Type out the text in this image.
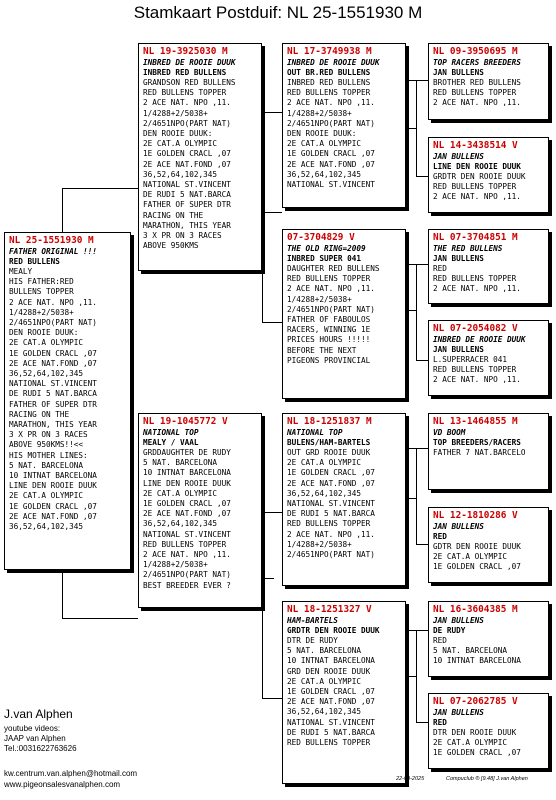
Stamkaart Postduif: NL 25-1551930 M
NL 25-1551930 M
FATHER ORIGINAL !!!
RED BULLENS
MEALY
HIS FATHER:RED
BULLENS TOPPER
2 ACE NAT. NPO ,11.
1/4288+2/5038+
2/4651NPO(PART NAT)
DEN ROOIE DUUK:
2E CAT.A OLYMPIC
1E GOLDEN CRACL ,07
2E ACE NAT.FOND ,07
36,52,64,102,345
NATIONAL ST.VINCENT
DE RUDI 5 NAT.BARCA
FATHER OF SUPER DTR
RACING ON THE
MARATHON, THIS YEAR
3 X PR ON 3 RACES
ABOVE 950KMS!!<<
HIS MOTHER LINES:
5 NAT. BARCELONA
10 INTNAT BARCELONA
LINE DEN ROOIE DUUK
2E CAT.A OLYMPIC
1E GOLDEN CRACL ,07
2E ACE NAT.FOND ,07
36,52,64,102,345
NL 19-3925030 M
INBRED DE ROOIE DUUK
INBRED RED BULLENS
GRANDSON RED BULLENS
RED BULLENS TOPPER
2 ACE NAT. NPO ,11.
1/4288+2/5038+
2/4651NPO(PART NAT)
DEN ROOIE DUUK:
2E CAT.A OLYMPIC
1E GOLDEN CRACL ,07
2E ACE NAT.FOND ,07
36,52,64,102,345
NATIONAL ST.VINCENT
DE RUDI 5 NAT.BARCA
FATHER OF SUPER DTR
RACING ON THE
MARATHON, THIS YEAR
3 X PR ON 3 RACES
ABOVE 950KMS
NL 19-1045772 V
NATIONAL TOP
MEALY / VAAL
GRDDAUGHTER DE RUDY
5 NAT. BARCELONA
10 INTNAT BARCELONA
LINE DEN ROOIE DUUK
2E CAT.A OLYMPIC
1E GOLDEN CRACL ,07
2E ACE NAT.FOND ,07
36,52,64,102,345
NATIONAL ST.VINCENT
RED BULLENS TOPPER
2 ACE NAT. NPO ,11.
1/4288+2/5038+
2/4651NPO(PART NAT)
BEST BREEDER EVER ?
NL 17-3749938 M
INBRED DE ROOIE DUUK
OUT BR.RED BULLENS
INBRED RED BULLENS
RED BULLENS TOPPER
2 ACE NAT. NPO ,11.
1/4288+2/5038+
2/4651NPO(PART NAT)
DEN ROOIE DUUK:
2E CAT.A OLYMPIC
1E GOLDEN CRACL ,07
2E ACE NAT.FOND ,07
36,52,64,102,345
NATIONAL ST.VINCENT
07-3704829 V
THE OLD RING=2009
INBRED SUPER 041
DAUGHTER RED BULLENS
RED BULLENS TOPPER
2 ACE NAT. NPO ,11.
1/4288+2/5038+
2/4651NPO(PART NAT)
FATHER OF FABOULOS
RACERS, WINNING 1E
PRICES HOURS !!!!!
BEFORE THE NEXT
PIGEONS PROVINCIAL
NL 18-1251837 M
NATIONAL TOP
BULENS/HAM-BARTELS
OUT GRD ROOIE DUUK
2E CAT.A OLYMPIC
1E GOLDEN CRACL ,07
2E ACE NAT.FOND ,07
36,52,64,102,345
NATIONAL ST.VINCENT
DE RUDI 5 NAT.BARCA
RED BULLENS TOPPER
2 ACE NAT. NPO ,11.
1/4288+2/5038+
2/4651NPO(PART NAT)
NL 18-1251327 V
HAM-BARTELS
GRDTR DEN ROOIE DUUK
DTR DE RUDY
5 NAT. BARCELONA
10 INTNAT BARCELONA
GRD DEN ROOIE DUUK
2E CAT.A OLYMPIC
1E GOLDEN CRACL ,07
2E ACE NAT.FOND ,07
36,52,64,102,345
NATIONAL ST.VINCENT
DE RUDI 5 NAT.BARCA
RED BULLENS TOPPER
NL 09-3950695 M
TOP RACERS BREEDERS
JAN BULLENS
BROTHER RED BULLENS
RED BULLENS TOPPER
2 ACE NAT. NPO ,11.
NL 14-3438514 V
JAN BULLENS
LINE DEN ROOIE DUUK
GRDTR DEN ROOIE DUUK
RED BULLENS TOPPER
2 ACE NAT. NPO ,11.
NL 07-3704851 M
THE RED BULLENS
JAN BULLENS
RED
RED BULLENS TOPPER
2 ACE NAT. NPO ,11.
NL 07-2054082 V
INBRED DE ROOIE DUUK
JAN BULLENS
L.SUPERRACER 041
RED BULLENS TOPPER
2 ACE NAT. NPO ,11.
NL 13-1464855 M
VD BOOM
TOP BREEDERS/RACERS
FATHER 7 NAT.BARCELO
NL 12-1810286 V
JAN BULLENS
RED
GDTR DEN ROOIE DUUK
2E CAT.A OLYMPIC
1E GOLDEN CRACL ,07
NL 16-3604385 M
JAN BULLENS
DE RUDY
RED
5 NAT. BARCELONA
10 INTNAT BARCELONA
NL 07-2062785 V
JAN BULLENS
RED
DTR DEN ROOIE DUUK
2E CAT.A OLYMPIC
1E GOLDEN CRACL ,07
J.van Alphen
youtube videos:
JAAP van Alphen
Tel.:0031622763626
kw.centrum.van.alphen@hotmail.com
www.pigeonsalesvanalphen.com
22-09-2025	Compuclub ® [9.48] J.van Alphen
